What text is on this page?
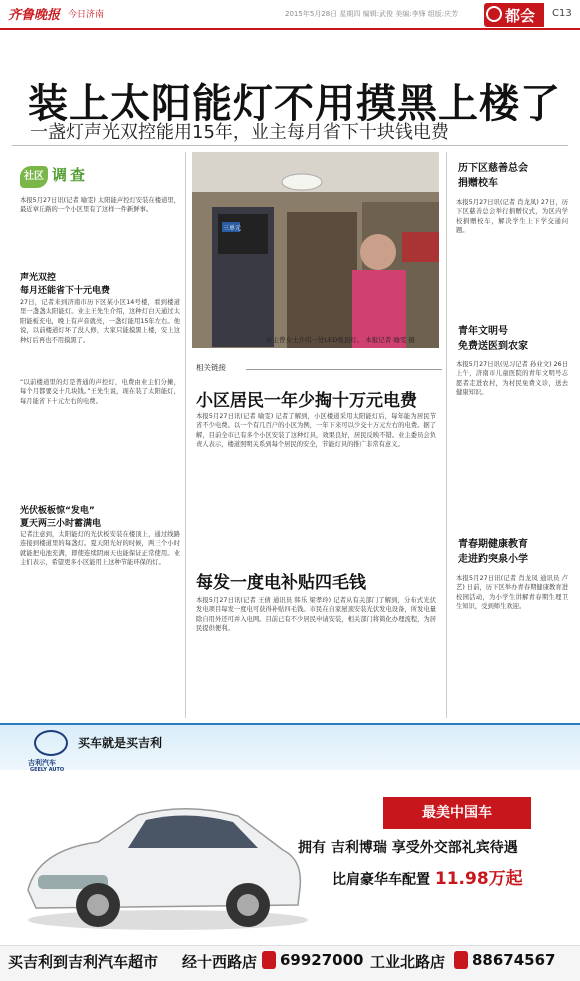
齐鲁晚报 今日济南	2015年5月28日 星期四 编辑:武俊 美编:李锋 组版:庆芳	都会 C13
装上太阳能灯不用摸黑上楼了
一盏灯声光双控能用15年，业主每月省下十块钱电费
社区 调查
本报5月27日讯(记者 喻雯) 太阳能声控灯安装在楼道里，最近章丘路的一个小区里有了这样一件新鲜事。
声光双控
每月还能省下十元电费
27日，记者来到济南市历下区某小区14号楼，看到楼道里一盏盏太阳能灯。业主王先生介绍，这种灯白天通过太阳能板充电，晚上有声音就亮，一盏灯能用15年左右。他说，以前楼道灯坏了没人修，大家只能摸黑上楼，安上这种灯后再也不用摸黑了。
“以前楼道里的灯是普通的声控灯，电费由业主们分摊，每个月都要交十几块钱。”王先生说，现在装了太阳能灯，每月能省下十元左右的电费。
光伏板板惊“发电”
夏天两三小时蓄满电
记者注意到，太阳能灯的光伏板安装在楼顶上，通过线路连接到楼道里的每盏灯。夏天阳光好的时候，两三个小时就能把电池充满，即使连续阴雨天也能保证正常使用。业主们表示，希望更多小区能用上这种节能环保的灯。
三单元
业主曾女士介绍一处LED吸顶灯。 本报记者 喻雯 摄
相关链接
小区居民一年少掏十万元电费
本报5月27日讯(记者 喻雯) 记者了解到，小区楼道采用太阳能灯后，每年能为居民节省不少电费。以一个有几百户的小区为例，一年下来可以少交十万元左右的电费。据了解，目前全市已有多个小区安装了这种灯具，效果良好，居民反映不错。业主委员会负责人表示，楼道照明关系到每个居民的安全，节能灯具的推广非常有意义。
每发一度电补贴四毛钱
本报5月27日讯(记者 王倩 通讯员 韩乐 梁孝玲) 记者从有关部门了解到，分布式光伏发电项目每发一度电可获得补贴四毛钱。市民在自家屋顶安装光伏发电设备，所发电量除自用外还可并入电网。目前已有不少居民申请安装，相关部门将简化办理流程，为居民提供便利。
历下区慈善总会
捐赠校车
本报5月27日讯(记者 肖龙凤) 27日，历下区慈善总会举行捐赠仪式，为区内学校捐赠校车，解决学生上下学交通问题。
青年文明号
免费送医到农家
本报5月27日讯(见习记者 孙业文) 26日上午，济南市儿童医院的青年文明号志愿者走进农村，为村民免费义诊，送去健康知识。
青春期健康教育
走进趵突泉小学
本报5月27日讯(记者 肖龙凤 通讯员 卢艺) 日前，历下区举办青春期健康教育进校园活动，为小学生讲解青春期生理卫生知识，受到师生欢迎。
吉利汽车
GEELY AUTO
买车就是买吉利
最美中国车
拥有 吉利博瑞 享受外交部礼宾待遇
比肩豪华车配置 11.98万起
买吉利到吉利汽车超市 经十西路店 69927000 工业北路店 88674567
